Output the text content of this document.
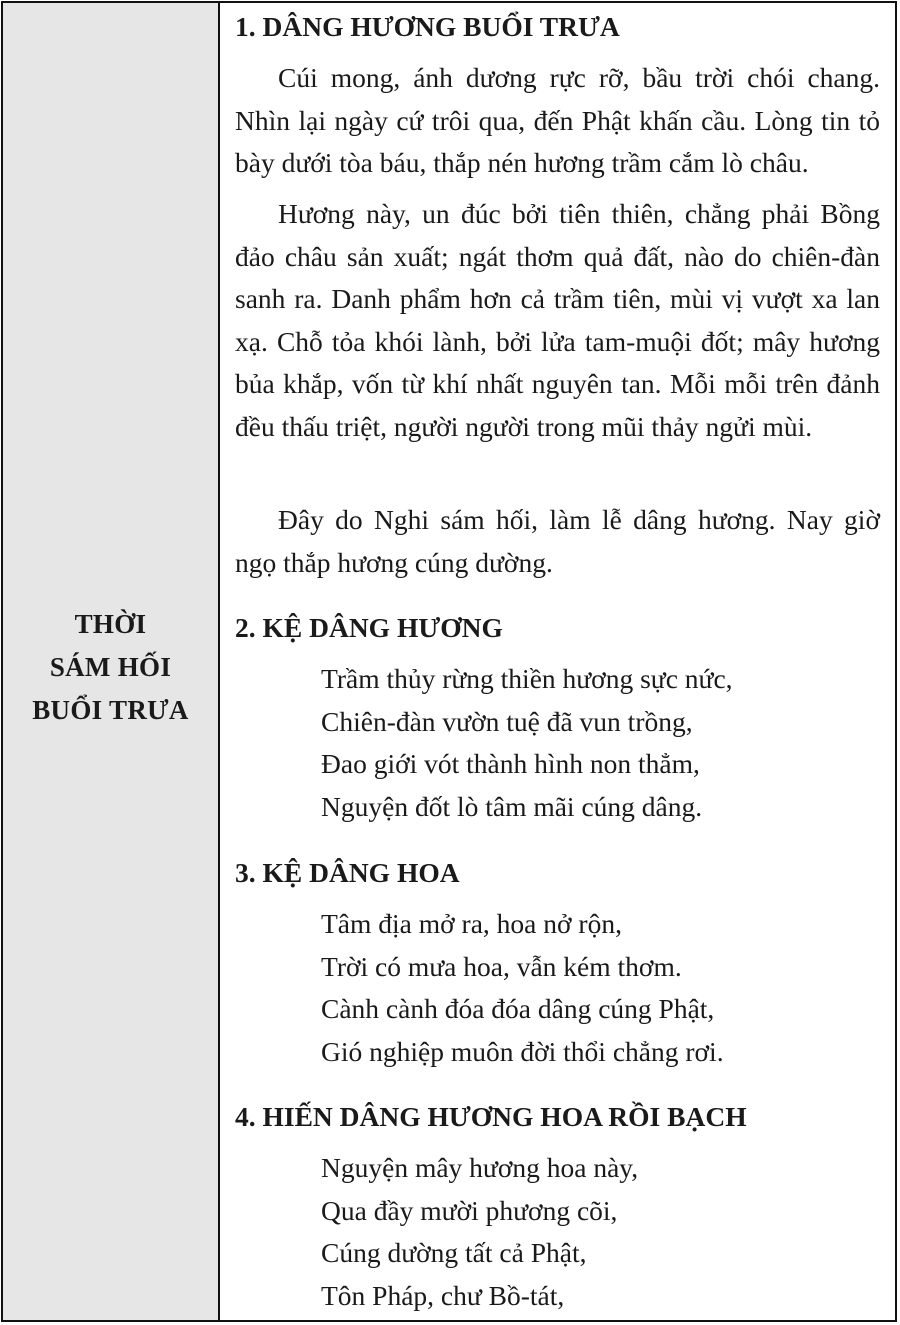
THỜI
SÁM HỐI
BUỔI TRƯA
1. DÂNG HƯƠNG BUỔI TRƯA

Cúi mong, ánh dương rực rỡ, bầu trời chói chang. Nhìn lại ngày cứ trôi qua, đến Phật khấn cầu. Lòng tin tỏ bày dưới tòa báu, thắp nén hương trầm cắm lò châu.

Hương này, un đúc bởi tiên thiên, chẳng phải Bồng đảo châu sản xuất; ngát thơm quả đất, nào do chiên-đàn sanh ra. Danh phẩm hơn cả trầm tiên, mùi vị vượt xa lan xạ. Chỗ tỏa khói lành, bởi lửa tam-muội đốt; mây hương bủa khắp, vốn từ khí nhất nguyên tan. Mỗi mỗi trên đảnh đều thấu triệt, người người trong mũi thảy ngửi mùi.

Đây do Nghi sám hối, làm lễ dâng hương. Nay giờ ngọ thắp hương cúng dường.

2. KỆ DÂNG HƯƠNG
Trầm thủy rừng thiền hương sực nức,
Chiên-đàn vườn tuệ đã vun trồng,
Đao giới vót thành hình non thẳm,
Nguyện đốt lò tâm mãi cúng dâng.
3. KỆ DÂNG HOA
Tâm địa mở ra, hoa nở rộn,
Trời có mưa hoa, vẫn kém thơm.
Cành cành đóa đóa dâng cúng Phật,
Gió nghiệp muôn đời thổi chẳng rơi.
4. HIẾN DÂNG HƯƠNG HOA RỒI BẠCH
Nguyện mây hương hoa này,
Qua đầy mười phương cõi,
Cúng dường tất cả Phật,
Tôn Pháp, chư Bồ-tát,
